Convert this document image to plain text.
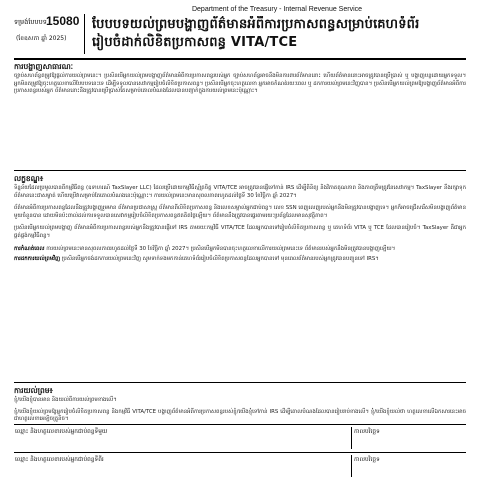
ទម្រង់បែបបទ 15080
(ខែឧសភា ឆ្នាំ 2025)
Department of the Treasury - Internal Revenue Service
បែបបទយល់ព្រមបង្ហាញព័ត៌មានអំពីការប្រកាសពន្ធសម្រាប់គេហទំព័រ
រៀបចំដាក់លិខិតប្រកាសពន្ធ VITA/TCE

ការបង្ហាញសាធារណៈ

ច្បាប់សហព័ន្ធតម្រូវឱ្យផ្តល់ការយល់ព្រមនេះ។ ប្រសិនបើអ្នកយល់ព្រមបង្ហាញព័ត៌មានអំពីការប្រកាសពន្ធរបស់អ្នក ច្បាប់សហព័ន្ធអាចនឹងមិនការពារព័ត៌មាននោះ ហើយព័ត៌មាននោះអាចត្រូវបានប្រើប្រាស់ ឬ បង្ហាញបន្តដោយអ្នកទទួល។ អ្នកមិនតម្រូវឱ្យចុះហត្ថលេខាលើបែបបទនេះទេ ដើម្បីទទួលបានសេវាកម្មរៀបចំលិខិតប្រកាសពន្ធ។ ប្រសិនបើអ្នកចុះហត្ថលេខា អ្នកអាចកំណត់រយៈពេល ឬ ដកការយល់ព្រមនេះវិញបាន។ ប្រសិនបើអ្នកយល់ព្រមឱ្យបង្ហាញព័ត៌មានអំពីការប្រកាសពន្ធរបស់អ្នក ព័ត៌មាននោះនឹងត្រូវបានប្រើប្រាស់តែសម្រាប់គោលបំណងដែលបានបញ្ជាក់ក្នុងការយល់ព្រមនេះប៉ុណ្ណោះ។

លក្ខខណ្ឌ៖

ទិន្នន័យដែលប្រមូលបានពីកម្មវិធីពន្ធ (ឧទាហរណ៍ TaxSlayer LLC) ដែលប្រើដោយកម្មវិធីស្ម័គ្រចិត្ត VITA/TCE អាចត្រូវបានផ្ញើទៅកាន់ IRS ដើម្បីពិនិត្យ និងវិភាគគុណភាព និងភាពត្រឹមត្រូវនៃសេវាកម្ម។ TaxSlayer នឹងរក្សាទុកព័ត៌មាននេះជាសម្ងាត់ ហើយប្រើវាសម្រាប់តែគោលបំណងនេះប៉ុណ្ណោះ។ ការយល់ព្រមនេះមានសុពលភាពរហូតដល់ថ្ងៃទី 30 ខែវិច្ឆិកា ឆ្នាំ 2027។

ព័ត៌មានអំពីការប្រកាសពន្ធដែលនឹងត្រូវបង្ហាញរួមមាន ព័ត៌មានប្រជាសាស្រ្ត ព័ត៌មានពីលិខិតប្រកាសពន្ធ និងលេខសម្គាល់អ្នកជាប់ពន្ធ។ លេខ SSN ពេញលេញរបស់អ្នកនឹងមិនត្រូវបានបង្ហាញទេ។ អ្នកក៏អាចជ្រើសរើសមិនបង្ហាញព័ត៌មានមួយចំនួនបាន ដោយមិនប៉ះពាល់ដល់ការទទួលបានសេវាកម្មរៀបចំលិខិតប្រកាសពន្ធឥតគិតថ្លៃឡើយ។ ព័ត៌មាននឹងត្រូវបានផ្ទេរតាមរយៈប្រព័ន្ធដែលមានសុវត្ថិភាព។

ប្រសិនបើអ្នកយល់ព្រមបង្ហាញ ព័ត៌មានអំពីការប្រកាសពន្ធរបស់អ្នកនឹងត្រូវបានផ្ញើទៅ IRS តាមរយៈកម្មវិធី VITA/TCE ដែលអ្នកបានទៅរៀបចំលិខិតប្រកាសពន្ធ ឬ គេហទំព័រ VITA ឬ TCE ដែលបានរៀបចំ។ TaxSlayer គឺជាអ្នកផ្គត់ផ្គង់កម្មវិធីពន្ធ។

ការកំណត់ពេល ការយល់ព្រមនេះមានសុពលភាពរហូតដល់ថ្ងៃទី 30 ខែវិច្ឆិកា ឆ្នាំ 2027។ ប្រសិនបើអ្នកមិនបានចុះហត្ថលេខាលើការយល់ព្រមនេះទេ ព័ត៌មានរបស់អ្នកនឹងមិនត្រូវបានបង្ហាញឡើយ។

ការដកការយល់ព្រមវិញ ប្រសិនបើអ្នកចង់ដកការយល់ព្រមនេះវិញ សូមទាក់ទងមកកាន់គេហទំព័ររៀបចំលិខិតប្រកាសពន្ធដែលអ្នកបានទៅ មុនពេលព័ត៌មានរបស់អ្នកត្រូវបានបញ្ជូនទៅ IRS។

ការយល់ព្រម៖

ខ្ញុំ/យើងខ្ញុំបានអាន និងយល់ពីការយល់ព្រមខាងលើ។

ខ្ញុំ/យើងខ្ញុំយល់ព្រមឱ្យអ្នករៀបចំលិខិតប្រកាសពន្ធ និងកម្មវិធី VITA/TCE បង្ហាញព័ត៌មានអំពីការប្រកាសពន្ធរបស់ខ្ញុំ/យើងខ្ញុំទៅកាន់ IRS ដើម្បីគោលបំណងដែលបានរៀបរាប់ខាងលើ។ ខ្ញុំ/យើងខ្ញុំយល់ថា ហត្ថលេខាលើឯកសារនេះអាចជាហត្ថលេខាអេឡិចត្រូនិច។

ឈ្មោះ និងហត្ថលេខារបស់អ្នកជាប់ពន្ធទីមួយ	កាលបរិច្ឆេទ
ឈ្មោះ និងហត្ថលេខារបស់អ្នកជាប់ពន្ធទីពីរ	កាលបរិច្ឆេទ
